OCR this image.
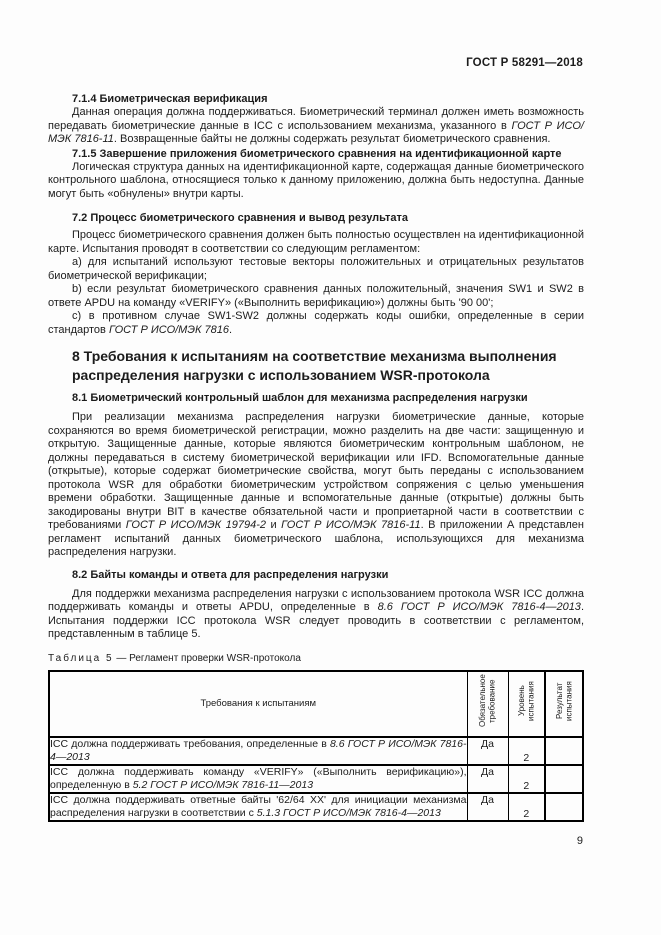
ГОСТ Р 58291—2018
7.1.4 Биометрическая верификация

Данная операция должна поддерживаться. Биометрический терминал должен иметь возможность передавать биометрические данные в ICC с использованием механизма, указанного в ГОСТ Р ИСО/МЭК 7816-11. Возвращенные байты не должны содержать результат биометрического сравнения.

7.1.5 Завершение приложения биометрического сравнения на идентификационной карте

Логическая структура данных на идентификационной карте, содержащая данные биометрического контрольного шаблона, относящиеся только к данному приложению, должна быть недоступна. Данные могут быть «обнулены» внутри карты.

7.2 Процесс биометрического сравнения и вывод результата

Процесс биометрического сравнения должен быть полностью осуществлен на идентификационной карте. Испытания проводят в соответствии со следующим регламентом:

а) для испытаний используют тестовые векторы положительных и отрицательных результатов биометрической верификации;

b) если результат биометрического сравнения данных положительный, значения SW1 и SW2 в ответе APDU на команду «VERIFY» («Выполнить верификацию») должны быть '90 00';

с) в противном случае SW1-SW2 должны содержать коды ошибки, определенные в серии стандартов ГОСТ Р ИСО/МЭК 7816.

8 Требования к испытаниям на соответствие механизма выполнения распределения нагрузки с использованием WSR-протокола
8.1 Биометрический контрольный шаблон для механизма распределения нагрузки

При реализации механизма распределения нагрузки биометрические данные, которые сохраняются во время биометрической регистрации, можно разделить на две части: защищенную и открытую. Защищенные данные, которые являются биометрическим контрольным шаблоном, не должны передаваться в систему биометрической верификации или IFD. Вспомогательные данные (открытые), которые содержат биометрические свойства, могут быть переданы с использованием протокола WSR для обработки биометрическим устройством сопряжения с целью уменьшения времени обработки. Защищенные данные и вспомогательные данные (открытые) должны быть закодированы внутри BIT в качестве обязательной части и проприетарной части в соответствии с требованиями ГОСТ Р ИСО/МЭК 19794-2 и ГОСТ Р ИСО/МЭК 7816-11. В приложении А представлен регламент испытаний данных биометрического шаблона, использующихся для механизма распределения нагрузки.

8.2 Байты команды и ответа для распределения нагрузки

Для поддержки механизма распределения нагрузки с использованием протокола WSR ICC должна поддерживать команды и ответы APDU, определенные в 8.6 ГОСТ Р ИСО/МЭК 7816-4—2013. Испытания поддержки ICC протокола WSR следует проводить в соответствии с регламентом, представленным в таблице 5.

Таблица 5 — Регламент проверки WSR-протокола
Требования к испытаниям	Обязательное требование	Уровень испытания	Результат испытания
ICC должна поддерживать требования, определенные в 8.6 ГОСТ Р ИСО/МЭК 7816-4—2013	Да	2	
ICC должна поддерживать команду «VERIFY» («Выполнить верификацию»), определенную в 5.2 ГОСТ Р ИСО/МЭК 7816-11—2013	Да	2	
ICC должна поддерживать ответные байты '62/64 XX' для инициации механизма распределения нагрузки в соответствии с 5.1.3 ГОСТ Р ИСО/МЭК 7816-4—2013	Да	2	
9
